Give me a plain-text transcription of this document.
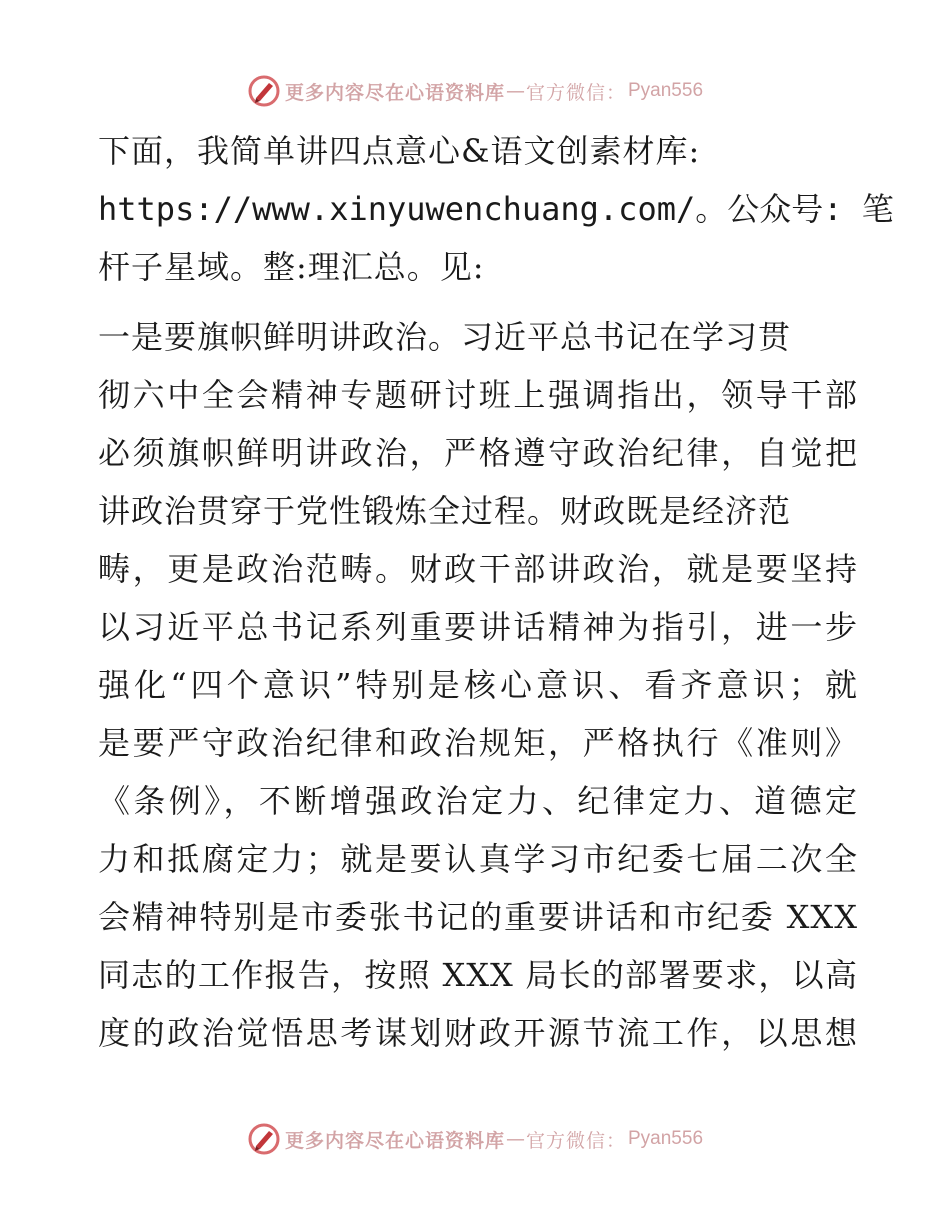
更多内容尽在心语资料库 — 官方微信： Pyan556
下面，我简单讲四点意心&语文创素材库:
https://www.xinyuwenchuang.com/。公众号: 笔
杆子星域。整:理汇总。见:
一是要旗帜鲜明讲政治。习近平总书记在学习贯
彻六中全会精神专题研讨班上强调指出，领导干部
必须旗帜鲜明讲政治，严格遵守政治纪律，自觉把
讲政治贯穿于党性锻炼全过程。财政既是经济范
畴，更是政治范畴。财政干部讲政治，就是要坚持
以习近平总书记系列重要讲话精神为指引，进一步
强化“四个意识”特别是核心意识、看齐意识；就
是要严守政治纪律和政治规矩，严格执行《准则》
《条例》，不断增强政治定力、纪律定力、道德定
力和抵腐定力；就是要认真学习市纪委七届二次全
会精神特别是市委张书记的重要讲话和市纪委 XXX
同志的工作报告，按照 XXX 局长的部署要求，以高
度的政治觉悟思考谋划财政开源节流工作，以思想
更多内容尽在心语资料库 — 官方微信： Pyan556
